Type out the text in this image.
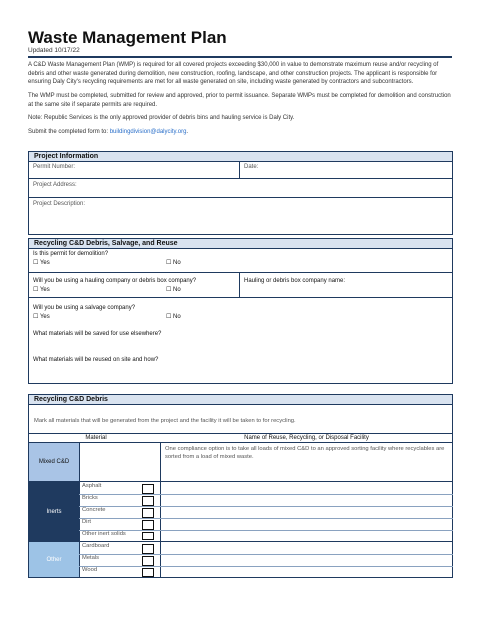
Waste Management Plan
Updated 10/17/22
A C&D Waste Management Plan (WMP) is required for all covered projects exceeding $30,000 in value to demonstrate maximum reuse and/or recycling of debris and other waste generated during demolition, new construction, roofing, landscape, and other construction projects. The applicant is responsible for ensuring Daly City's recycling requirements are met for all waste generated on site, including waste generated by contractors and subcontractors.
The WMP must be completed, submitted for review and approved, prior to permit issuance. Separate WMPs must be completed for demolition and construction at the same site if separate permits are required.
Note: Republic Services is the only approved provider of debris bins and hauling service is Daly City.
Submit the completed form to: buildingdivision@dalycity.org.
Project Information
Permit Number:	Date:
Project Address:
Project Description:
Recycling C&D Debris, Salvage, and Reuse
Is this permit for demolition?
☐ Yes	☐ No
Will you be using a hauling company or debris box company?
☐ Yes	☐ No
Hauling or debris box company name:
Will you be using a salvage company?
☐ Yes	☐ No
What materials will be saved for use elsewhere?
What materials will be reused on site and how?
Recycling C&D Debris
Mark all materials that will be generated from the project and the facility it will be taken to for recycling.
Material	Name of Reuse, Recycling, or Disposal Facility
Mixed C&D
One compliance option is to take all loads of mixed C&D to an approved sorting facility where recyclables are sorted from a load of mixed waste.
Inerts
Asphalt
Bricks
Concrete
Dirt
Other inert solids
Other
Cardboard
Metals
Wood
